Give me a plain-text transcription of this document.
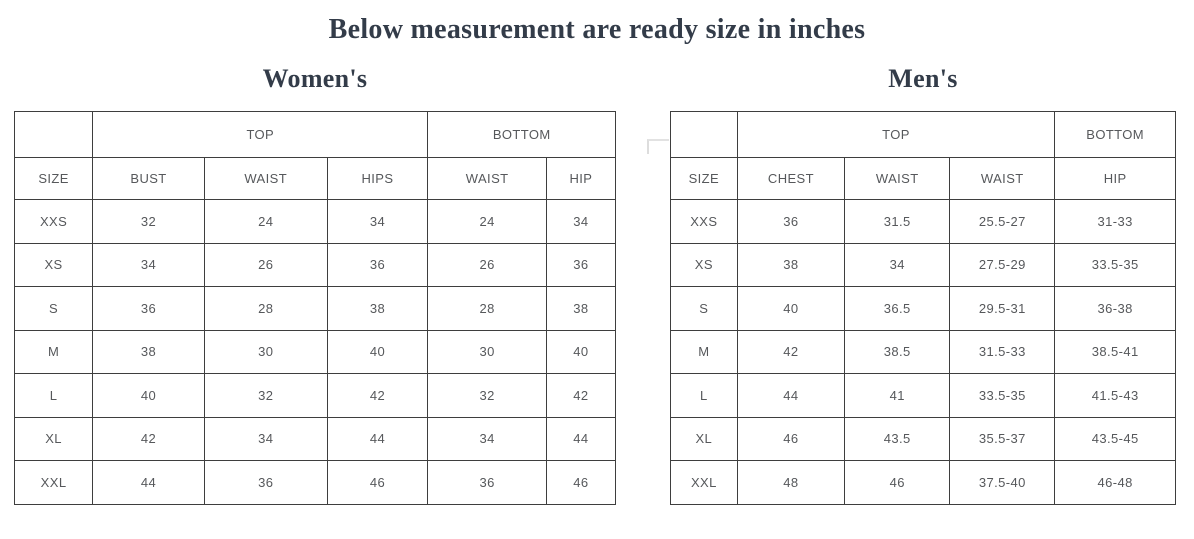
Below measurement are ready size in inches
Women's
	TOP			BOTTOM	
SIZE	BUST	WAIST	HIPS	WAIST	HIP
XXS	32	24	34	24	34
XS	34	26	36	26	36
S	36	28	38	28	38
M	38	30	40	30	40
L	40	32	42	32	42
XL	42	34	44	34	44
XXL	44	36	46	36	46
Men's
	TOP			BOTTOM
SIZE	CHEST	WAIST	WAIST	HIP
XXS	36	31.5	25.5-27	31-33
XS	38	34	27.5-29	33.5-35
S	40	36.5	29.5-31	36-38
M	42	38.5	31.5-33	38.5-41
L	44	41	33.5-35	41.5-43
XL	46	43.5	35.5-37	43.5-45
XXL	48	46	37.5-40	46-48
